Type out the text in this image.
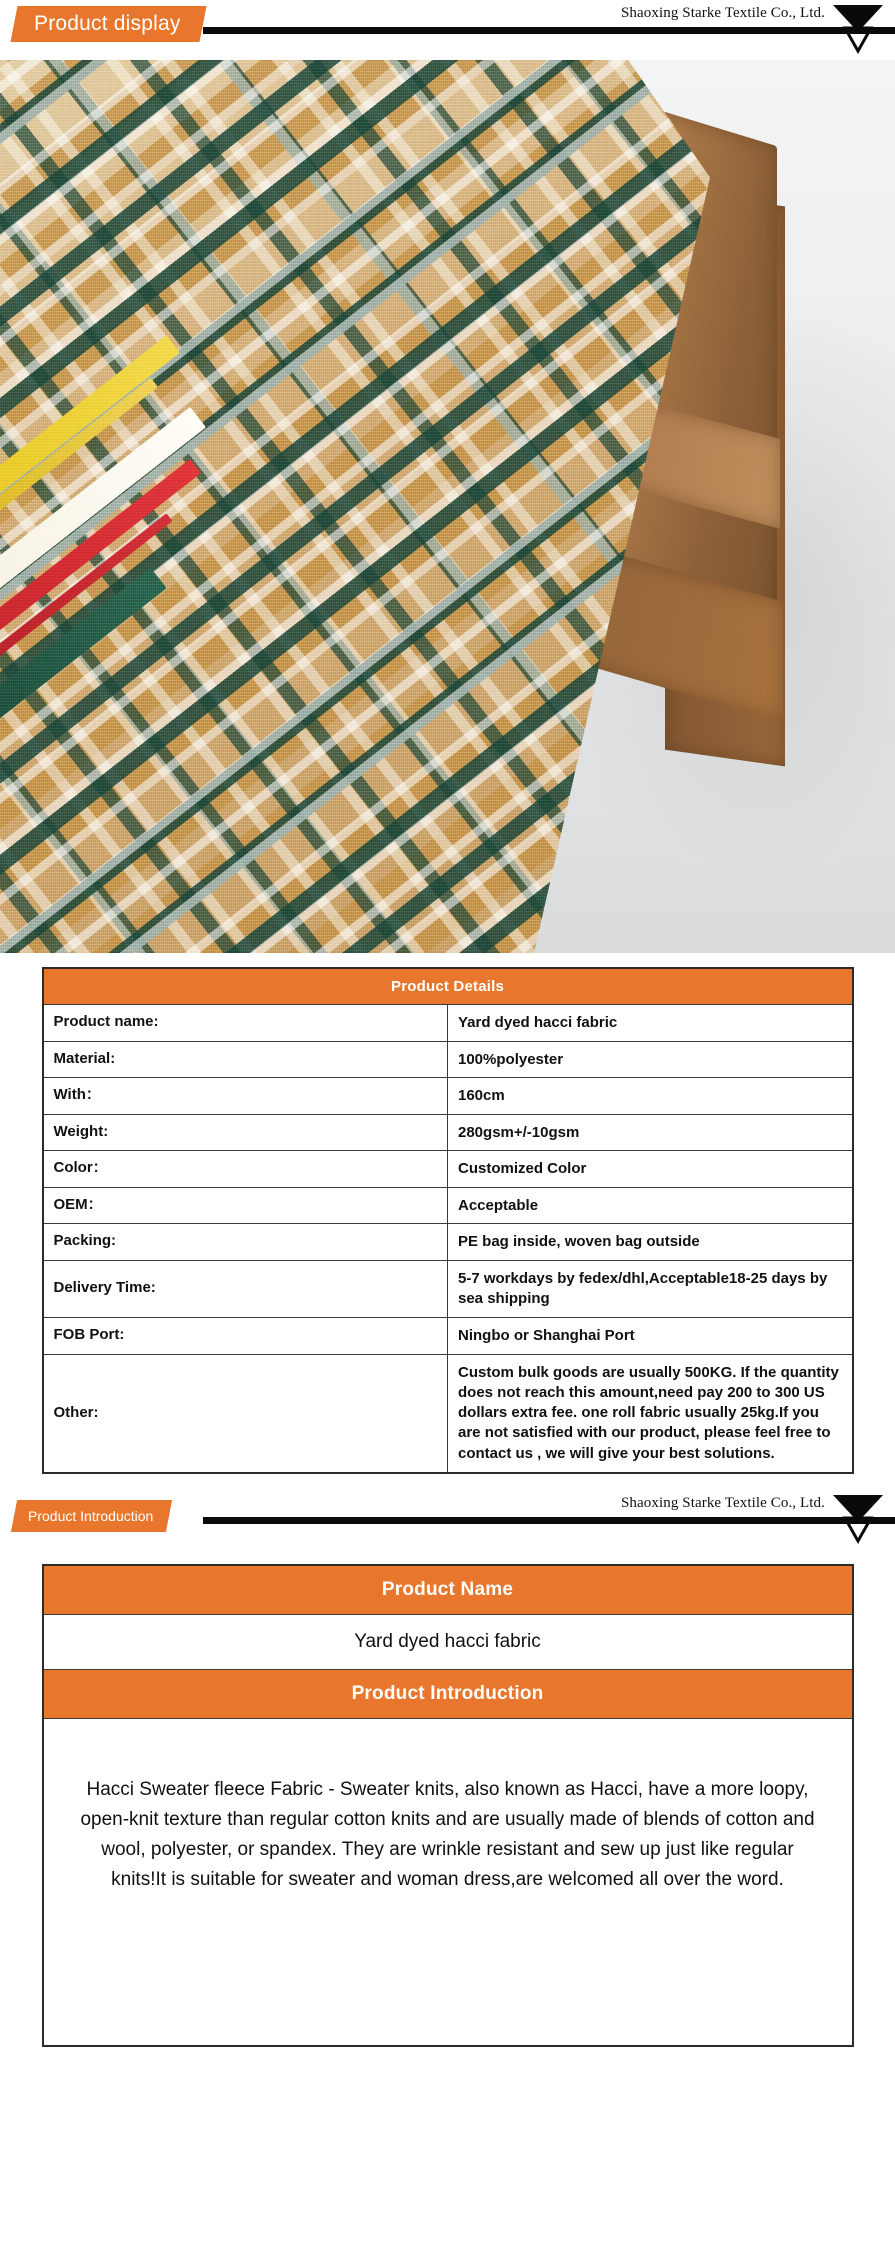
Product display	Shaoxing Starke Textile Co., Ltd.
Product Details	
Product name:	Yard dyed hacci fabric
Material:	100%polyester
With：	160cm
Weight:	280gsm+/-10gsm
Color：	Customized Color
OEM：	Acceptable
Packing:	PE bag inside, woven bag outside
Delivery Time:	5-7 workdays by fedex/dhl,Acceptable18-25 days by sea shipping
FOB Port:	Ningbo or Shanghai Port
Other:	Custom bulk goods are usually 500KG. If the quantity does not reach this amount,need pay 200 to 300 US dollars extra fee. one roll fabric usually 25kg.If you are not satisfied with our product, please feel free to contact us , we will give your best solutions.
Product Introduction
Shaoxing Starke Textile Co., Ltd.
Product Name
Yard dyed hacci fabric
Product Introduction
Hacci Sweater fleece Fabric - Sweater knits, also known as Hacci, have a more loopy, open-knit texture than regular cotton knits and are usually made of blends of cotton and wool, polyester, or spandex. They are wrinkle resistant and sew up just like regular knits!It is suitable for sweater and woman dress,are welcomed all over the word.
